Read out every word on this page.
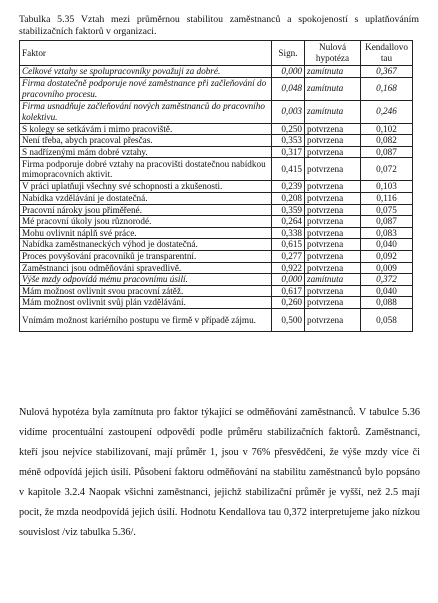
Tabulka 5.35 Vztah mezi průměrnou stabilitou zaměstnanců a spokojeností s uplatňováním stabilizačních faktorů v organizaci.
Faktor	Sign.	Nulová hypotéza	Kendallovo tau
Celkové vztahy se spolupracovníky považuji za dobré.	0,000	zamítnuta	0,367
Firma dostatečně podporuje nové zaměstnance při začleňování do pracovního procesu.	0,048	zamítnuta	0,168
Firma usnadňuje začleňování nových zaměstnanců do pracovního kolektivu.	0,003	zamítnuta	0,246
S kolegy se setkávám i mimo pracoviště.	0,250	potvrzena	0,102
Není třeba, abych pracoval přesčas.	0,353	potvrzena	0,082
S nadřízenými mám dobré vztahy.	0,317	potvrzena	0,087
Firma podporuje dobré vztahy na pracovišti dostatečnou nabídkou mimopracovních aktivit.	0,415	potvrzena	0,072
V práci uplatňuji všechny své schopnosti a zkušenosti.	0,239	potvrzena	0,103
Nabídka vzdělávání je dostatečná.	0,208	potvrzena	0,116
Pracovní nároky jsou přiměřené.	0,359	potvrzena	0,075
Mé pracovní úkoly jsou různorodé.	0,264	potvrzena	0,087
Mohu ovlivnit náplň své práce.	0,338	potvrzena	0,083
Nabídka zaměstnaneckých výhod je dostatečná.	0,615	potvrzena	0,040
Proces povyšování pracovníků je transparentní.	0,277	potvrzena	0,092
Zaměstnanci jsou odměňováni spravedlivě.	0,922	potvrzena	0,009
Výše mzdy odpovídá mému pracovnímu úsilí.	0,000	zamítnuta	0,372
Mám možnost ovlivnit svou pracovní zátěž.	0,617	potvrzena	0,040
Mám možnost ovlivnit svůj plán vzdělávání.	0,260	potvrzena	0,088
Vnímám možnost kariérního postupu ve firmě v případě zájmu.	0,500	potvrzena	0,058
Nulová hypotéza byla zamítnuta pro faktor týkající se odměňování zaměstnanců. V tabulce 5.36 vidíme procentuální zastoupení odpovědí podle průměru stabilizačních faktorů. Zaměstnanci, kteří jsou nejvíce stabilizovaní, mají průměr 1, jsou v 76% přesvědčeni, že výše mzdy více či méně odpovídá jejich úsilí. Působení faktoru odměňování na stabilitu zaměstnanců bylo popsáno v kapitole 3.2.4 Naopak všichni zaměstnanci, jejichž stabilizační průměr je vyšší, než 2.5 mají pocit, že mzda neodpovídá jejich úsilí. Hodnotu Kendallova tau 0,372 interpretujeme jako nízkou souvislost /viz tabulka 5.36/.
